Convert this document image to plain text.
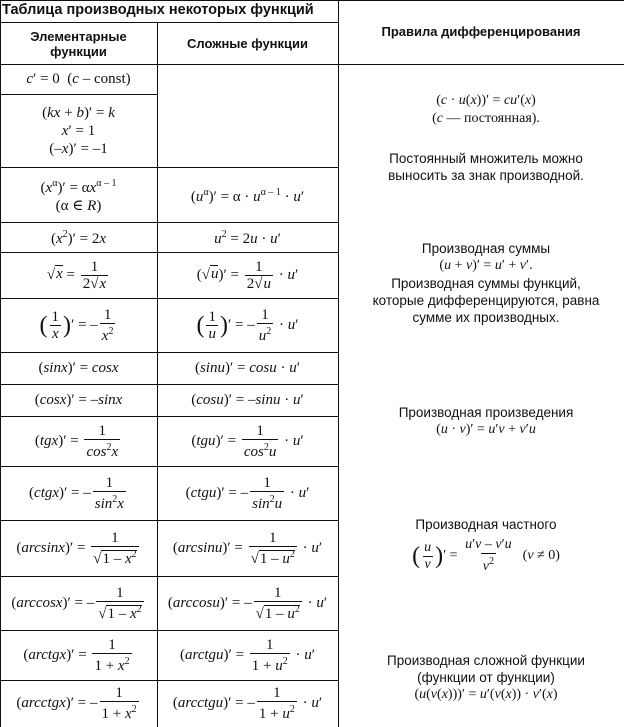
Таблица производных некоторых функций
Элементарные
функции
Сложные функции
Правила дифференцирования
c′ = 0  (c – const)
(kx + b)′ = k
x′ = 1
(–x)′ = –1
$(x^\alpha)' = \alpha x^{\alpha - 1}$
(α ∈ R)
$(x^2)' = 2x$
$√x = \frac{1}{2√x}$
( $\frac{1}{x}$ )′ = – $\frac{1}{x^2}$
(sinx)′ = cosx
(cosx)′ = –sinx
$(tgx)' = \frac{1}{\cos^2x}$
(ctgx)′ = – $\frac{1}{\sin^2x}$
$(\arcsin x)' = \frac{1}{√1 - x^2}$
(arccosx)′ = – $\frac{1}{√1 - x^2}$
(arctgx)′ = $\frac{1}{1 + x^2}$
(arcctgx)′ = – $\frac{1}{1 + x^2}$
$(u^\alpha)' = \alpha \cdot u^{\alpha - 1} \cdot u'$
$u^2 = 2u \cdot u'$
$(√u)' = \frac{1}{2√u} \cdot u'$
( $\frac{1}{u}$ )′ = – $\frac{1}{u^2} \cdot u'$
(sinu)′ = cosu · u′
(cosu)′ = –sinu · u′
$(tgu)' = \frac{1}{\cos^2u} \cdot u'$
(ctgu)′ = – $\frac{1}{\sin^2u} \cdot u'$
$(\arcsin u)' = \frac{1}{√1 - u^2} \cdot u'$
(arccosu)′ = – $\frac{1}{√1 - u^2} \cdot u'$
(arctgu)′ = $\frac{1}{1 + u^2} \cdot u'$
(arcctgu)′ = – $\frac{1}{1 + u^2} \cdot u'$
(c · u(x))′ = cu′(x)
(c — постоянная).
Постоянный множитель можно
выносить за знак производной.
Производная суммы
(u + v)′ = u′ + v′.
Производная суммы функций,
которые дифференцируются, равна
сумме их производных.
Производная произведения
(u · v)′ = u′v + v′u
Производная частного
( $\frac{u}{v}$ )′ = $\frac{u'v - v'u}{v^2} (v \ne 0)$
Производная сложной функции
(функции от функции)
(u(v(x)))′ = u′(v(x)) · v′(x)
